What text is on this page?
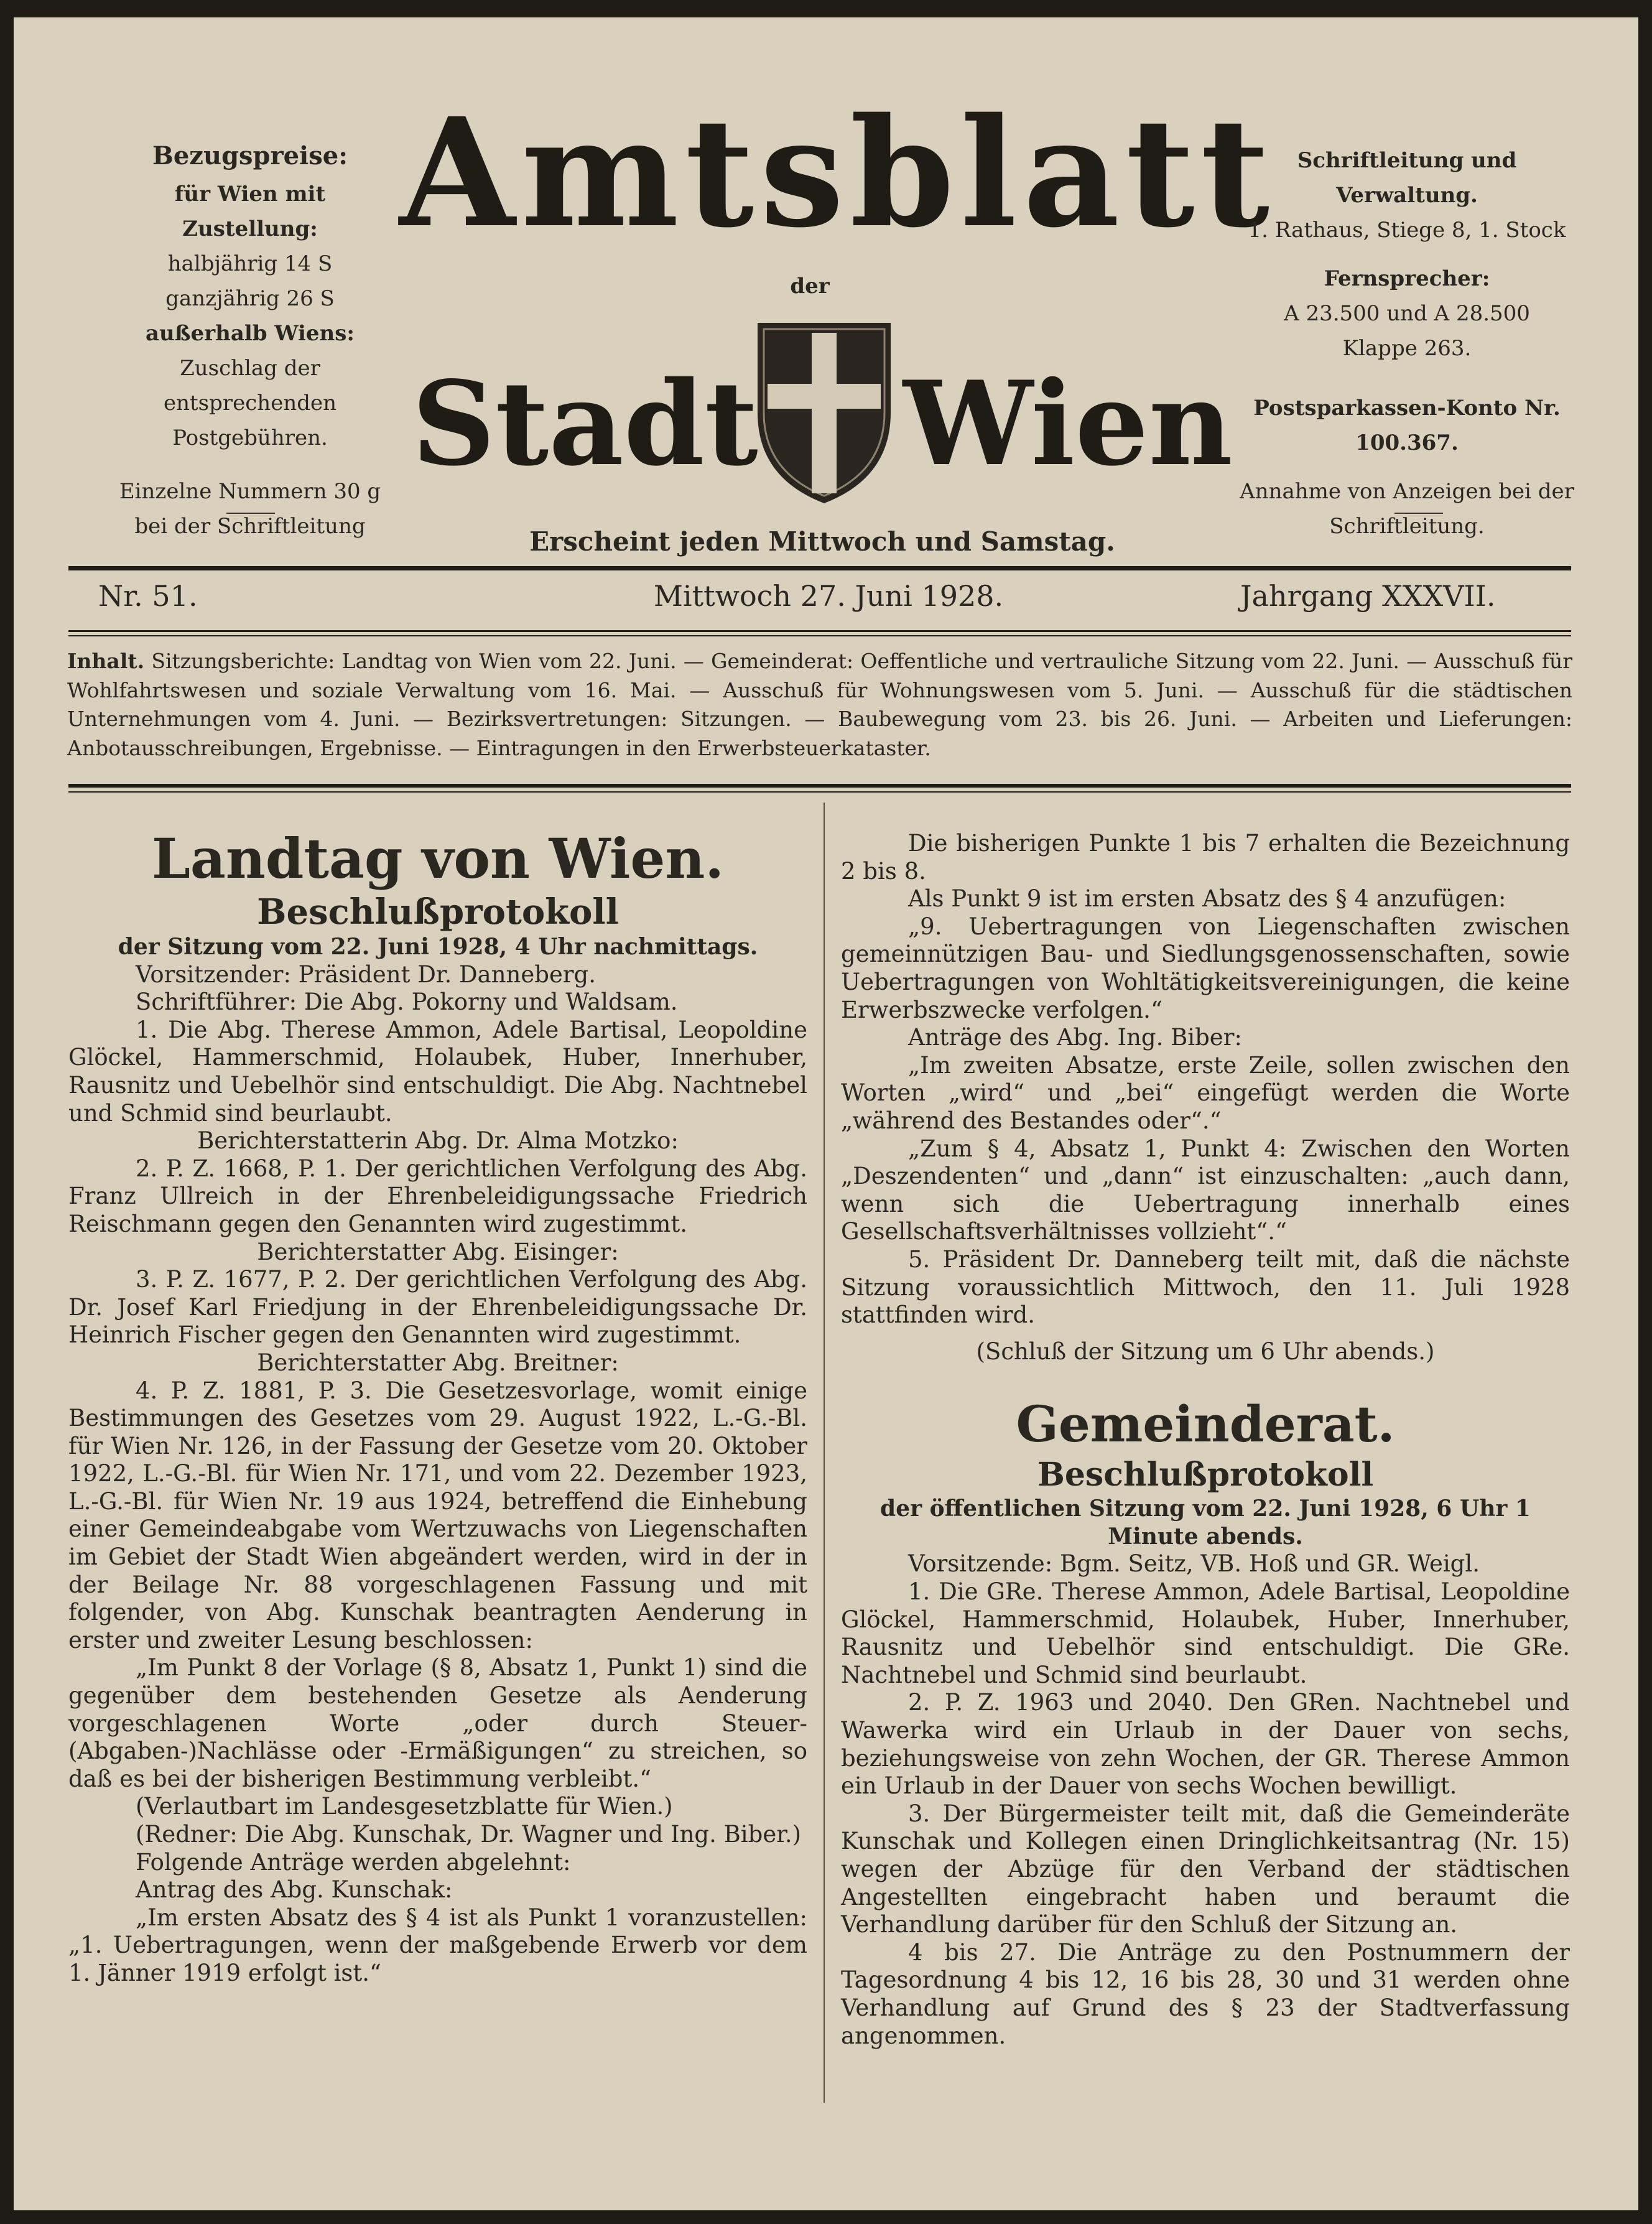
Bezugspreise:
für Wien mit Zustellung:
halbjährig 14 S
ganzjährig 26 S
außerhalb Wiens:
Zuschlag der entsprechenden
Postgebühren.
Einzelne Nummern 30 g
bei der Schriftleitung
Amtsblatt
der
Stadt Wien
Erscheint jeden Mittwoch und Samstag.
Schriftleitung und Verwaltung.
1. Rathaus, Stiege 8, 1. Stock
Fernsprecher:
A 23.500 und A 28.500
Klappe 263.
Postsparkassen-Konto Nr. 100.367.
Annahme von Anzeigen bei der
Schriftleitung.
Nr. 51.	Mittwoch 27. Juni 1928.	Jahrgang XXXVII.
Inhalt. Sitzungsberichte: Landtag von Wien vom 22. Juni. — Gemeinderat: Oeffentliche und vertrauliche Sitzung vom 22. Juni. — Ausschuß für Wohlfahrtswesen und soziale Verwaltung vom 16. Mai. — Ausschuß für Wohnungswesen vom 5. Juni. — Ausschuß für die städtischen Unternehmungen vom 4. Juni. — Bezirksvertretungen: Sitzungen. — Baubewegung vom 23. bis 26. Juni. — Arbeiten und Lieferungen: Anbotausschreibungen, Ergebnisse. — Eintragungen in den Erwerbsteuerkataster.

Landtag von Wien.

Beschlußprotokoll

der Sitzung vom 22. Juni 1928, 4 Uhr nachmittags.

Vorsitzender: Präsident Dr. Danneberg.

Schriftführer: Die Abg. Pokorny und Waldsam.

1. Die Abg. Therese Ammon, Adele Bartisal, Leopoldine Glöckel, Hammerschmid, Holaubek, Huber, Innerhuber, Rausnitz und Uebelhör sind entschuldigt. Die Abg. Nachtnebel und Schmid sind beurlaubt.

Berichterstatterin Abg. Dr. Alma Motzko:

2. P. Z. 1668, P. 1. Der gerichtlichen Verfolgung des Abg. Franz Ullreich in der Ehrenbeleidigungssache Friedrich Reischmann gegen den Genannten wird zugestimmt.

Berichterstatter Abg. Eisinger:

3. P. Z. 1677, P. 2. Der gerichtlichen Verfolgung des Abg. Dr. Josef Karl Friedjung in der Ehrenbeleidigungssache Dr. Heinrich Fischer gegen den Genannten wird zugestimmt.

Berichterstatter Abg. Breitner:

4. P. Z. 1881, P. 3. Die Gesetzesvorlage, womit einige Bestimmungen des Gesetzes vom 29. August 1922, L.-G.-Bl. für Wien Nr. 126, in der Fassung der Gesetze vom 20. Oktober 1922, L.-G.-Bl. für Wien Nr. 171, und vom 22. Dezember 1923, L.-G.-Bl. für Wien Nr. 19 aus 1924, betreffend die Einhebung einer Gemeindeabgabe vom Wertzuwachs von Liegenschaften im Gebiet der Stadt Wien abgeändert werden, wird in der in der Beilage Nr. 88 vorgeschlagenen Fassung und mit folgender, von Abg. Kunschak beantragten Aenderung in erster und zweiter Lesung beschlossen:

„Im Punkt 8 der Vorlage (§ 8, Absatz 1, Punkt 1) sind die gegenüber dem bestehenden Gesetze als Aenderung vorgeschlagenen Worte „oder durch Steuer-(Abgaben-)Nachlässe oder -Ermäßigungen“ zu streichen, so daß es bei der bisherigen Bestimmung verbleibt.“

(Verlautbart im Landesgesetzblatte für Wien.)

(Redner: Die Abg. Kunschak, Dr. Wagner und Ing. Biber.)

Folgende Anträge werden abgelehnt:

Antrag des Abg. Kunschak:

„Im ersten Absatz des § 4 ist als Punkt 1 voranzustellen: „1. Uebertragungen, wenn der maßgebende Erwerb vor dem 1. Jänner 1919 erfolgt ist.“

Die bisherigen Punkte 1 bis 7 erhalten die Bezeichnung 2 bis 8.

Als Punkt 9 ist im ersten Absatz des § 4 anzufügen:

„9. Uebertragungen von Liegenschaften zwischen gemeinnützigen Bau- und Siedlungsgenossenschaften, sowie Uebertragungen von Wohltätigkeitsvereinigungen, die keine Erwerbszwecke verfolgen.“

Anträge des Abg. Ing. Biber:

„Im zweiten Absatze, erste Zeile, sollen zwischen den Worten „wird“ und „bei“ eingefügt werden die Worte „während des Bestandes oder“.“

„Zum § 4, Absatz 1, Punkt 4: Zwischen den Worten „Deszendenten“ und „dann“ ist einzuschalten: „auch dann, wenn sich die Uebertragung innerhalb eines Gesellschaftsverhältnisses vollzieht“.“

5. Präsident Dr. Danneberg teilt mit, daß die nächste Sitzung voraussichtlich Mittwoch, den 11. Juli 1928 stattfinden wird.

(Schluß der Sitzung um 6 Uhr abends.)

Gemeinderat.

Beschlußprotokoll

der öffentlichen Sitzung vom 22. Juni 1928, 6 Uhr 1 Minute abends.

Vorsitzende: Bgm. Seitz, VB. Hoß und GR. Weigl.

1. Die GRe. Therese Ammon, Adele Bartisal, Leopoldine Glöckel, Hammerschmid, Holaubek, Huber, Innerhuber, Rausnitz und Uebelhör sind entschuldigt. Die GRe. Nachtnebel und Schmid sind beurlaubt.

2. P. Z. 1963 und 2040. Den GRen. Nachtnebel und Wawerka wird ein Urlaub in der Dauer von sechs, beziehungsweise von zehn Wochen, der GR. Therese Ammon ein Urlaub in der Dauer von sechs Wochen bewilligt.

3. Der Bürgermeister teilt mit, daß die Gemeinderäte Kunschak und Kollegen einen Dringlichkeitsantrag (Nr. 15) wegen der Abzüge für den Verband der städtischen Angestellten eingebracht haben und beraumt die Verhandlung darüber für den Schluß der Sitzung an.

4 bis 27. Die Anträge zu den Postnummern der Tagesordnung 4 bis 12, 16 bis 28, 30 und 31 werden ohne Verhandlung auf Grund des § 23 der Stadtverfassung angenommen.
